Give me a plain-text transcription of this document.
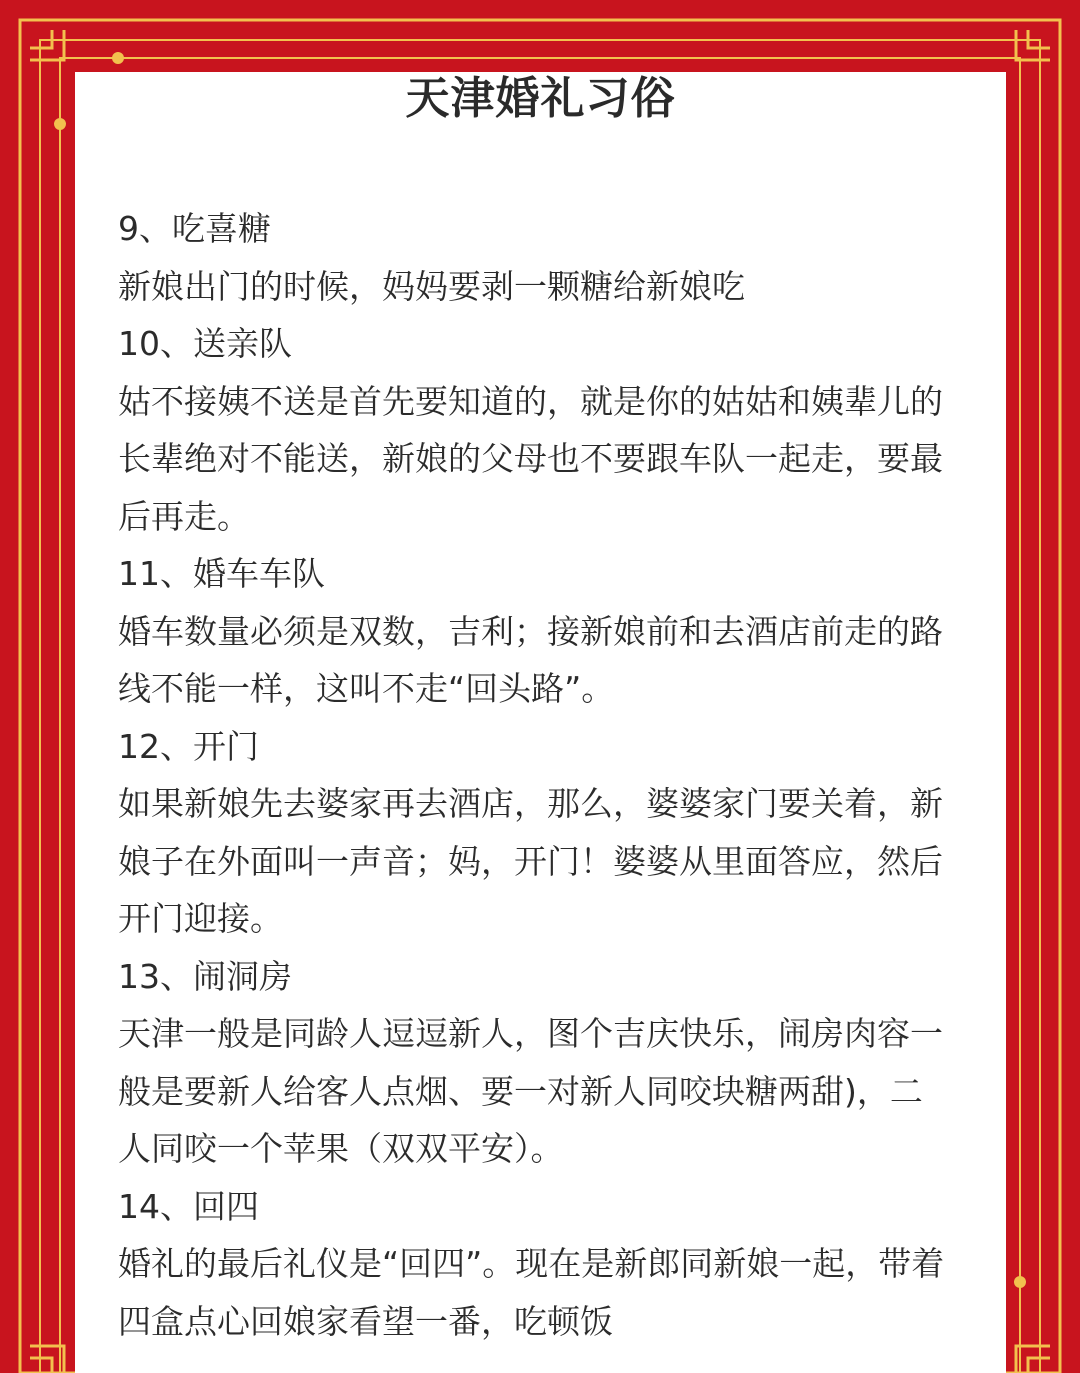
天津婚礼习俗

9、吃喜糖

新娘出门的时候，妈妈要剥一颗糖给新娘吃

10、送亲队

姑不接姨不送是首先要知道的，就是你的姑姑和姨辈儿的长辈绝对不能送，新娘的父母也不要跟车队一起走，要最后再走。

11、婚车车队

婚车数量必须是双数，吉利；接新娘前和去酒店前走的路线不能一样，这叫不走“回头路”。

12、开门

如果新娘先去婆家再去酒店，那么，婆婆家门要关着，新娘子在外面叫一声音；妈，开门！婆婆从里面答应，然后开门迎接。

13、闹洞房

天津一般是同龄人逗逗新人，图个吉庆快乐，闹房肉容一般是要新人给客人点烟、要一对新人同咬块糖两甜)，二人同咬一个苹果（双双平安）。

14、回四

婚礼的最后礼仪是“回四”。现在是新郎同新娘一起，带着四盒点心回娘家看望一番，吃顿饭
